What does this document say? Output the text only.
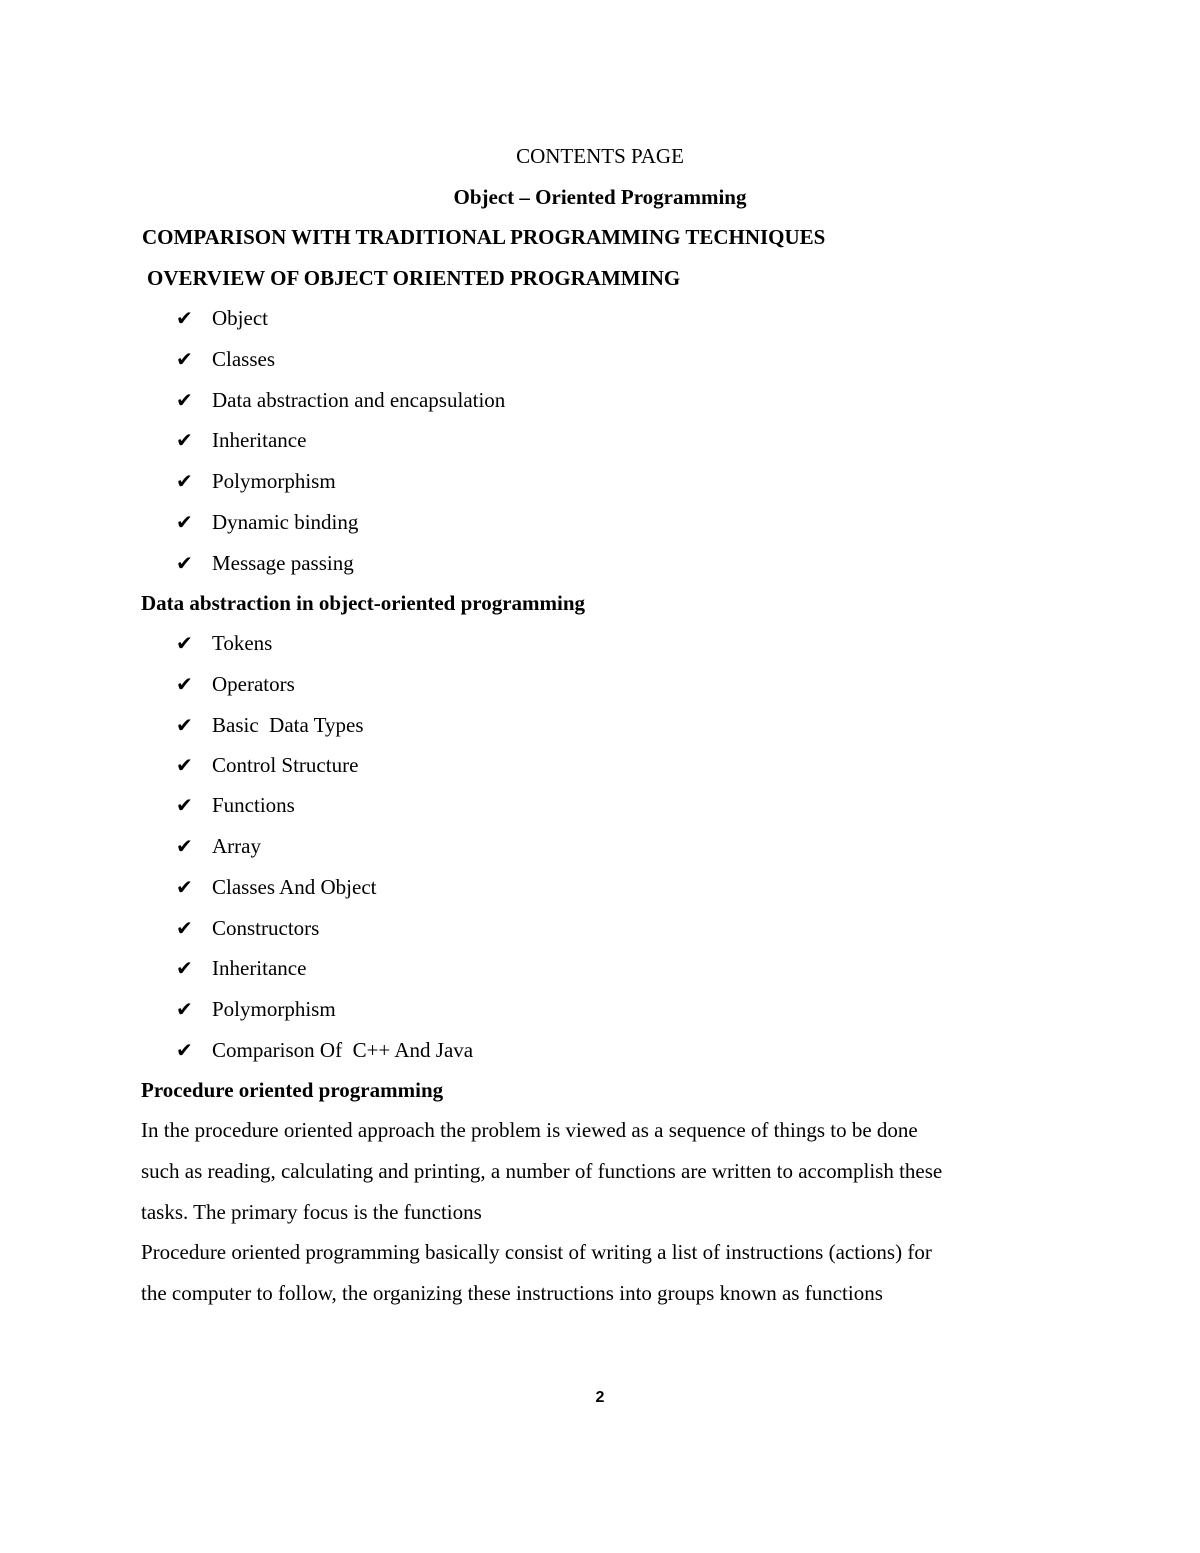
CONTENTS PAGE
Object – Oriented Programming
COMPARISON WITH TRADITIONAL PROGRAMMING TECHNIQUES
OVERVIEW OF OBJECT ORIENTED PROGRAMMING
✔ Object
✔ Classes
✔ Data abstraction and encapsulation
✔ Inheritance
✔ Polymorphism
✔ Dynamic binding
✔ Message passing
Data abstraction in object-oriented programming
✔ Tokens
✔ Operators
✔ Basic  Data Types
✔ Control Structure
✔ Functions
✔ Array
✔ Classes And Object
✔ Constructors
✔ Inheritance
✔ Polymorphism
✔ Comparison Of  C++ And Java
Procedure oriented programming
In the procedure oriented approach the problem is viewed as a sequence of things to be done
such as reading, calculating and printing, a number of functions are written to accomplish these
tasks. The primary focus is the functions
Procedure oriented programming basically consist of writing a list of instructions (actions) for
the computer to follow, the organizing these instructions into groups known as functions
2
